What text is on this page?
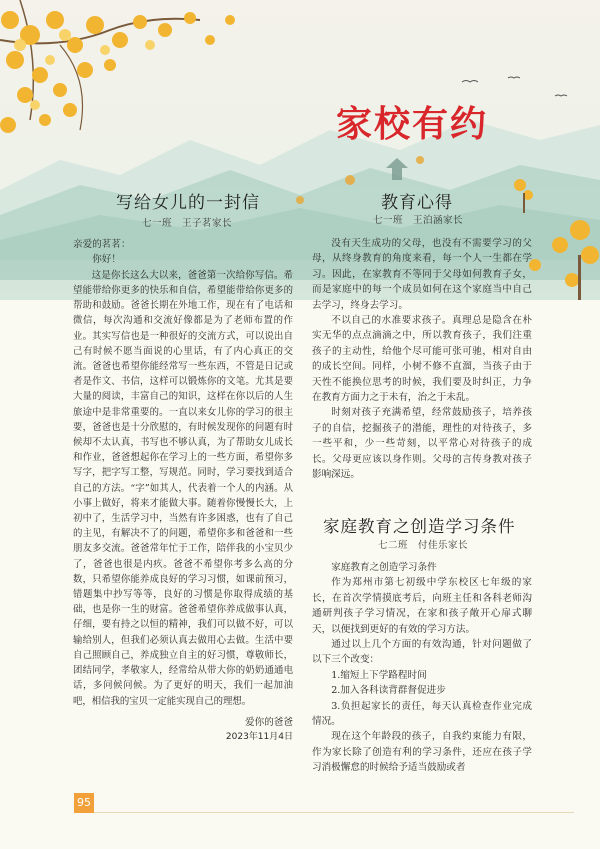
家校有约
写给女儿的一封信
七一班　王子茗家长

亲爱的茗茗：

你好！

这是你长这么大以来，爸爸第一次给你写信。希望能带给你更多的快乐和自信，希望能带给你更多的帮助和鼓励。爸爸长期在外地工作，现在有了电话和微信，每次沟通和交流好像都是为了老师布置的作业。其实写信也是一种很好的交流方式，可以说出自己有时候不愿当面说的心里话，有了内心真正的交流。爸爸也希望你能经常写一些东西，不管是日记或者是作文、书信，这样可以锻炼你的文笔。尤其是要大量的阅读，丰富自己的知识，这样在你以后的人生旅途中是非常重要的。一直以来女儿你的学习的很主要，爸爸也是十分欣慰的，有时候发现你的问题有时候却不太认真，书写也不够认真，为了帮助女儿成长和作业，爸爸想起你在学习上的一些方面，希望你多写字，把字写工整，写规范。同时，学习要找到适合自己的方法。“字”如其人，代表着一个人的内涵。从小事上做好，将来才能做大事。随着你慢慢长大，上初中了，生活学习中，当然有许多困惑，也有了自己的主见，有解决不了的问题，希望你多和爸爸和一些朋友多交流。爸爸常年忙于工作，陪伴我的小宝贝少了，爸爸也很是内疚。爸爸不希望你考多么高的分数，只希望你能养成良好的学习习惯，如课前预习，错题集中抄写等等，良好的习惯是你取得成绩的基础，也是你一生的财富。爸爸希望你养成做事认真，仔细，要有持之以恒的精神，我们可以做不好，可以输给别人，但我们必须认真去做用心去做。生活中要自己照顾自己，养成独立自主的好习惯，尊敬师长，团结同学，孝敬家人，经常给从带大你的奶奶通通电话，多问候问候。为了更好的明天，我们一起加油吧，相信我的宝贝一定能实现自己的理想。

爱你的爸爸

2023年11月4日

教育心得
七一班　王泊涵家长

没有天生成功的父母，也没有不需要学习的父母，从终身教育的角度来看，每一个人一生都在学习。因此，在家教育不等同于父母如何教育子女，而是家庭中的每一个成员如何在这个家庭当中自己去学习，终身去学习。

不以自己的水准要求孩子。真理总是隐含在朴实无华的点点滴滴之中，所以教育孩子，我们注重孩子的主动性，给他个尽可能可张可驰，相对自由的成长空间。同样，小树不修不直溜，当孩子由于天性不能换位思考的时候，我们要及时纠正，力争在教育方面力之于未有，治之于未乱。

时刻对孩子充满希望，经常鼓励孩子，培养孩子的自信，挖掘孩子的潜能，理性的对待孩子，多一些平和，少一些苛刻，以平常心对待孩子的成长。父母更应该以身作则。父母的言传身教对孩子影响深远。

家庭教育之创造学习条件
七二班　付佳乐家长

家庭教育之创造学习条件

作为郑州市第七初级中学东校区七年级的家长，在首次学情摸底考后，向班主任和各科老师沟通研判孩子学习情况，在家和孩子敞开心扉式聊天，以便找到更好的有效的学习方法。

通过以上几个方面的有效沟通，针对问题做了以下三个改变：

1.缩短上下学路程时间

2.加入各科读背群督促进步

3.负担起家长的责任，每天认真检查作业完成情况。

现在这个年龄段的孩子，自我约束能力有限，作为家长除了创造有利的学习条件，还应在孩子学习消极懈怠的时候给予适当鼓励或者

95
